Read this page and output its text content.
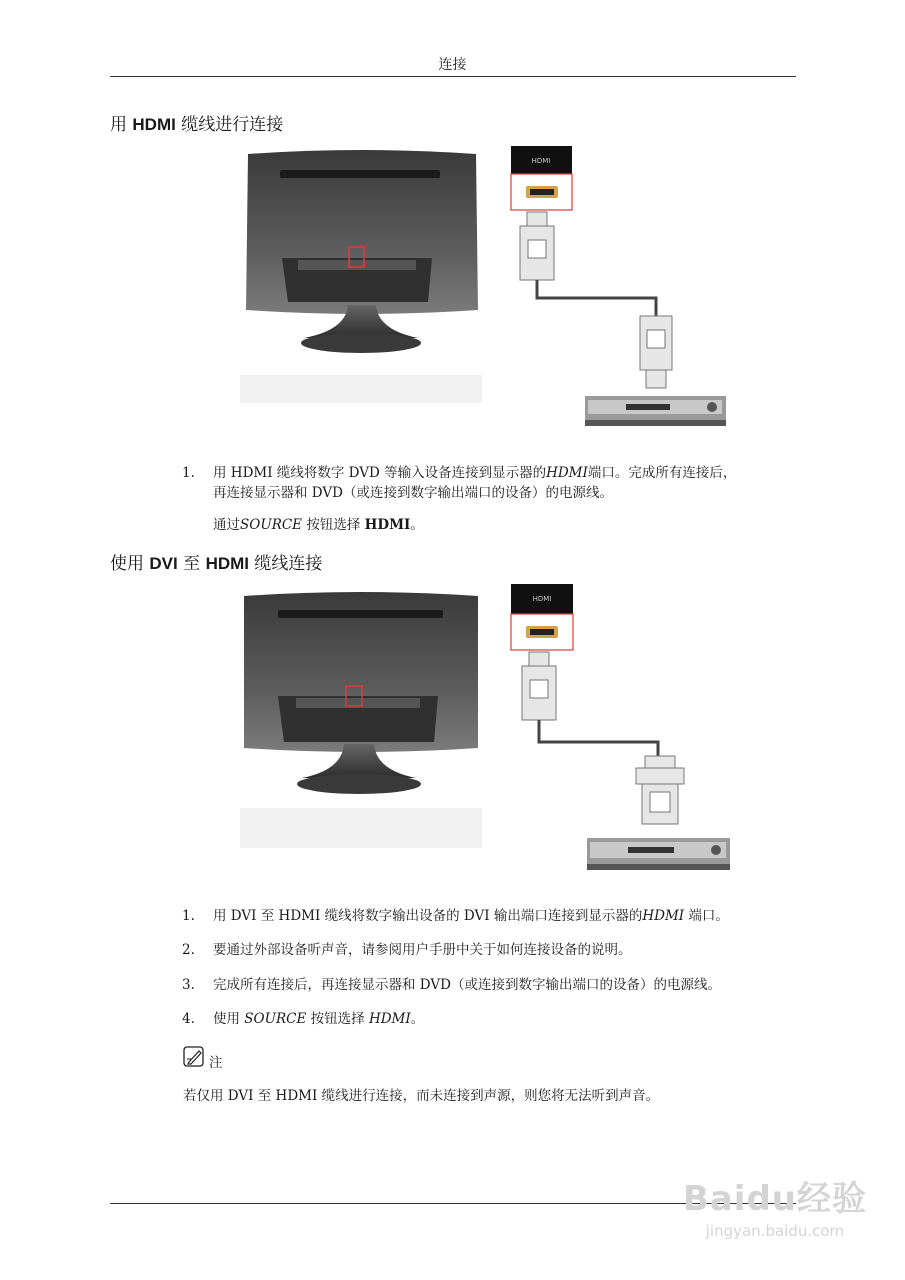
连接
用 HDMI 缆线进行连接
HDMI
1.	用 HDMI 缆线将数字 DVD 等输入设备连接到显示器的HDMI端口。完成所有连接后，
再连接显示器和 DVD（或连接到数字输出端口的设备）的电源线。
通过SOURCE 按钮选择 HDMI。
使用 DVI 至 HDMI 缆线连接
HDMI
1.	用 DVI 至 HDMI 缆线将数字输出设备的 DVI 输出端口连接到显示器的HDMI 端口。
2.	要通过外部设备听声音，请参阅用户手册中关于如何连接设备的说明。
3.	完成所有连接后，再连接显示器和 DVD（或连接到数字输出端口的设备）的电源线。
4.	使用 SOURCE 按钮选择 HDMI。
注
若仅用 DVI 至 HDMI 缆线进行连接，而未连接到声源，则您将无法听到声音。
Baidu经验
jingyan.baidu.com
